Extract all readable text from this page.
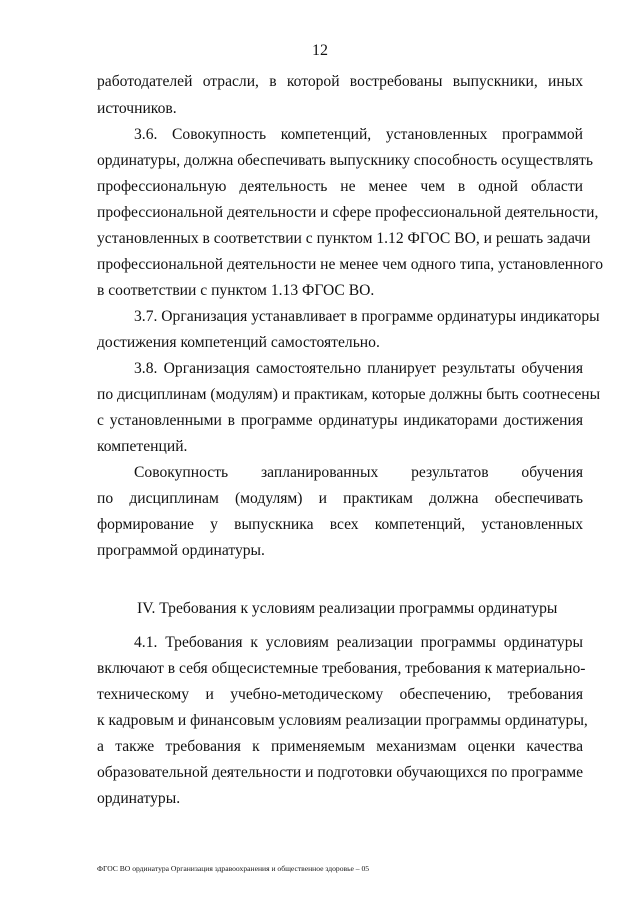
12
работодателей отрасли, в которой востребованы выпускники, иных
источников.
3.6. Совокупность компетенций, установленных программой
ординатуры, должна обеспечивать выпускнику способность осуществлять
профессиональную деятельность не менее чем в одной области
профессиональной деятельности и сфере профессиональной деятельности,
установленных в соответствии с пунктом 1.12 ФГОС ВО, и решать задачи
профессиональной деятельности не менее чем одного типа, установленного
в соответствии с пунктом 1.13 ФГОС ВО.
3.7. Организация устанавливает в программе ординатуры индикаторы
достижения компетенций самостоятельно.
3.8. Организация самостоятельно планирует результаты обучения
по дисциплинам (модулям) и практикам, которые должны быть соотнесены
с установленными в программе ординатуры индикаторами достижения
компетенций.
Совокупность запланированных результатов обучения
по дисциплинам (модулям) и практикам должна обеспечивать
формирование у выпускника всех компетенций, установленных
программой ординатуры.
IV. Требования к условиям реализации программы ординатуры
4.1. Требования к условиям реализации программы ординатуры
включают в себя общесистемные требования, требования к материально-
техническому и учебно-методическому обеспечению, требования
к кадровым и финансовым условиям реализации программы ординатуры,
а также требования к применяемым механизмам оценки качества
образовательной деятельности и подготовки обучающихся по программе
ординатуры.
ФГОС ВО ординатура Организация здравоохранения и общественное здоровье – 05
